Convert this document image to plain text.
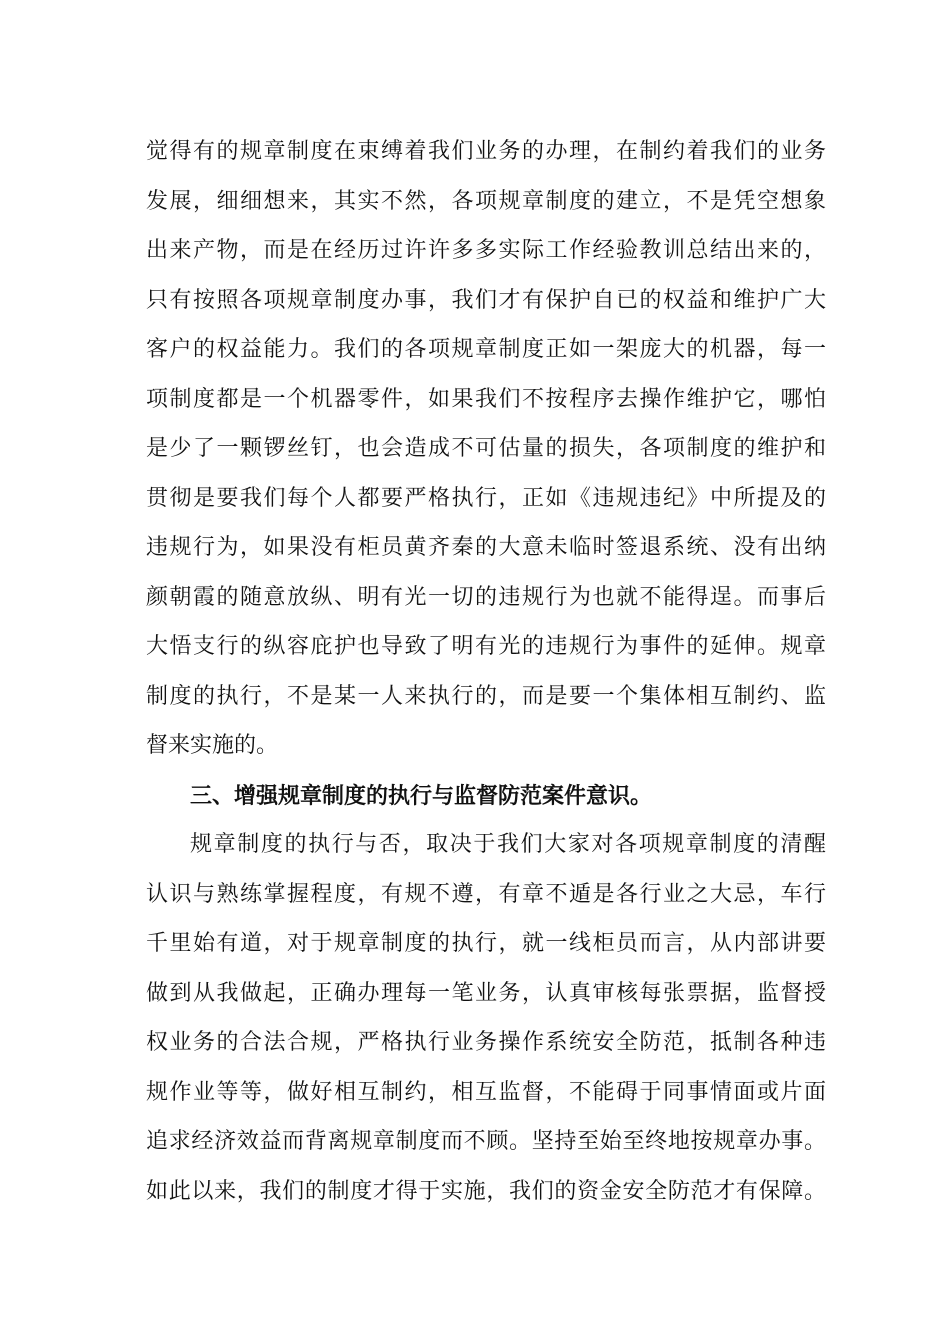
觉得有的规章制度在束缚着我们业务的办理，在制约着我们的业务
发展，细细想来，其实不然，各项规章制度的建立，不是凭空想象
出来产物，而是在经历过许许多多实际工作经验教训总结出来的，
只有按照各项规章制度办事，我们才有保护自已的权益和维护广大
客户的权益能力。我们的各项规章制度正如一架庞大的机器，每一
项制度都是一个机器零件，如果我们不按程序去操作维护它，哪怕
是少了一颗锣丝钉，也会造成不可估量的损失，各项制度的维护和
贯彻是要我们每个人都要严格执行，正如《违规违纪》中所提及的
违规行为，如果没有柜员黄齐秦的大意未临时签退系统、没有出纳
颜朝霞的随意放纵、明有光一切的违规行为也就不能得逞。而事后
大悟支行的纵容庇护也导致了明有光的违规行为事件的延伸。规章
制度的执行，不是某一人来执行的，而是要一个集体相互制约、监
督来实施的。
三、增强规章制度的执行与监督防范案件意识。
规章制度的执行与否，取决于我们大家对各项规章制度的清醒
认识与熟练掌握程度，有规不遵，有章不遁是各行业之大忌，车行
千里始有道，对于规章制度的执行，就一线柜员而言，从内部讲要
做到从我做起，正确办理每一笔业务，认真审核每张票据，监督授
权业务的合法合规，严格执行业务操作系统安全防范，抵制各种违
规作业等等，做好相互制约，相互监督，不能碍于同事情面或片面
追求经济效益而背离规章制度而不顾。坚持至始至终地按规章办事。
如此以来，我们的制度才得于实施，我们的资金安全防范才有保障。
